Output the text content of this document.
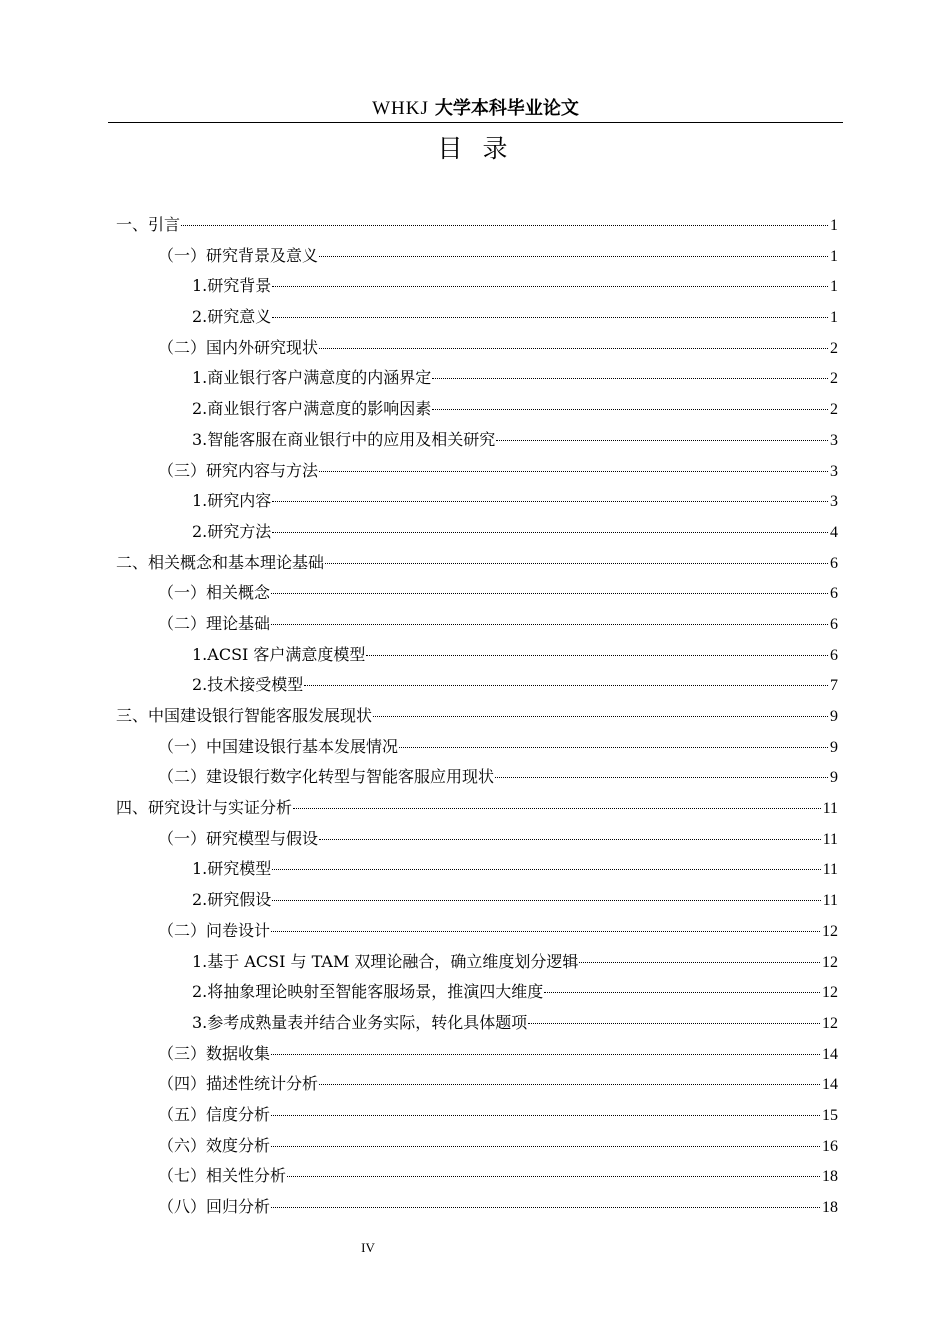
WHKJ 大学本科毕业论文
目 录
一、引言	1
（一）研究背景及意义	1
1.研究背景	1
2.研究意义	1
（二）国内外研究现状	2
1.商业银行客户满意度的内涵界定	2
2.商业银行客户满意度的影响因素	2
3.智能客服在商业银行中的应用及相关研究	3
（三）研究内容与方法	3
1.研究内容	3
2.研究方法	4
二、相关概念和基本理论基础	6
（一）相关概念	6
（二）理论基础	6
1.ACSI 客户满意度模型	6
2.技术接受模型	7
三、中国建设银行智能客服发展现状	9
（一）中国建设银行基本发展情况	9
（二）建设银行数字化转型与智能客服应用现状	9
四、研究设计与实证分析	11
（一）研究模型与假设	11
1.研究模型	11
2.研究假设	11
（二）问卷设计	12
1.基于 ACSI 与 TAM 双理论融合，确立维度划分逻辑	12
2.将抽象理论映射至智能客服场景，推演四大维度	12
3.参考成熟量表并结合业务实际，转化具体题项	12
（三）数据收集	14
（四）描述性统计分析	14
（五）信度分析	15
（六）效度分析	16
（七）相关性分析	18
（八）回归分析	18
IV
